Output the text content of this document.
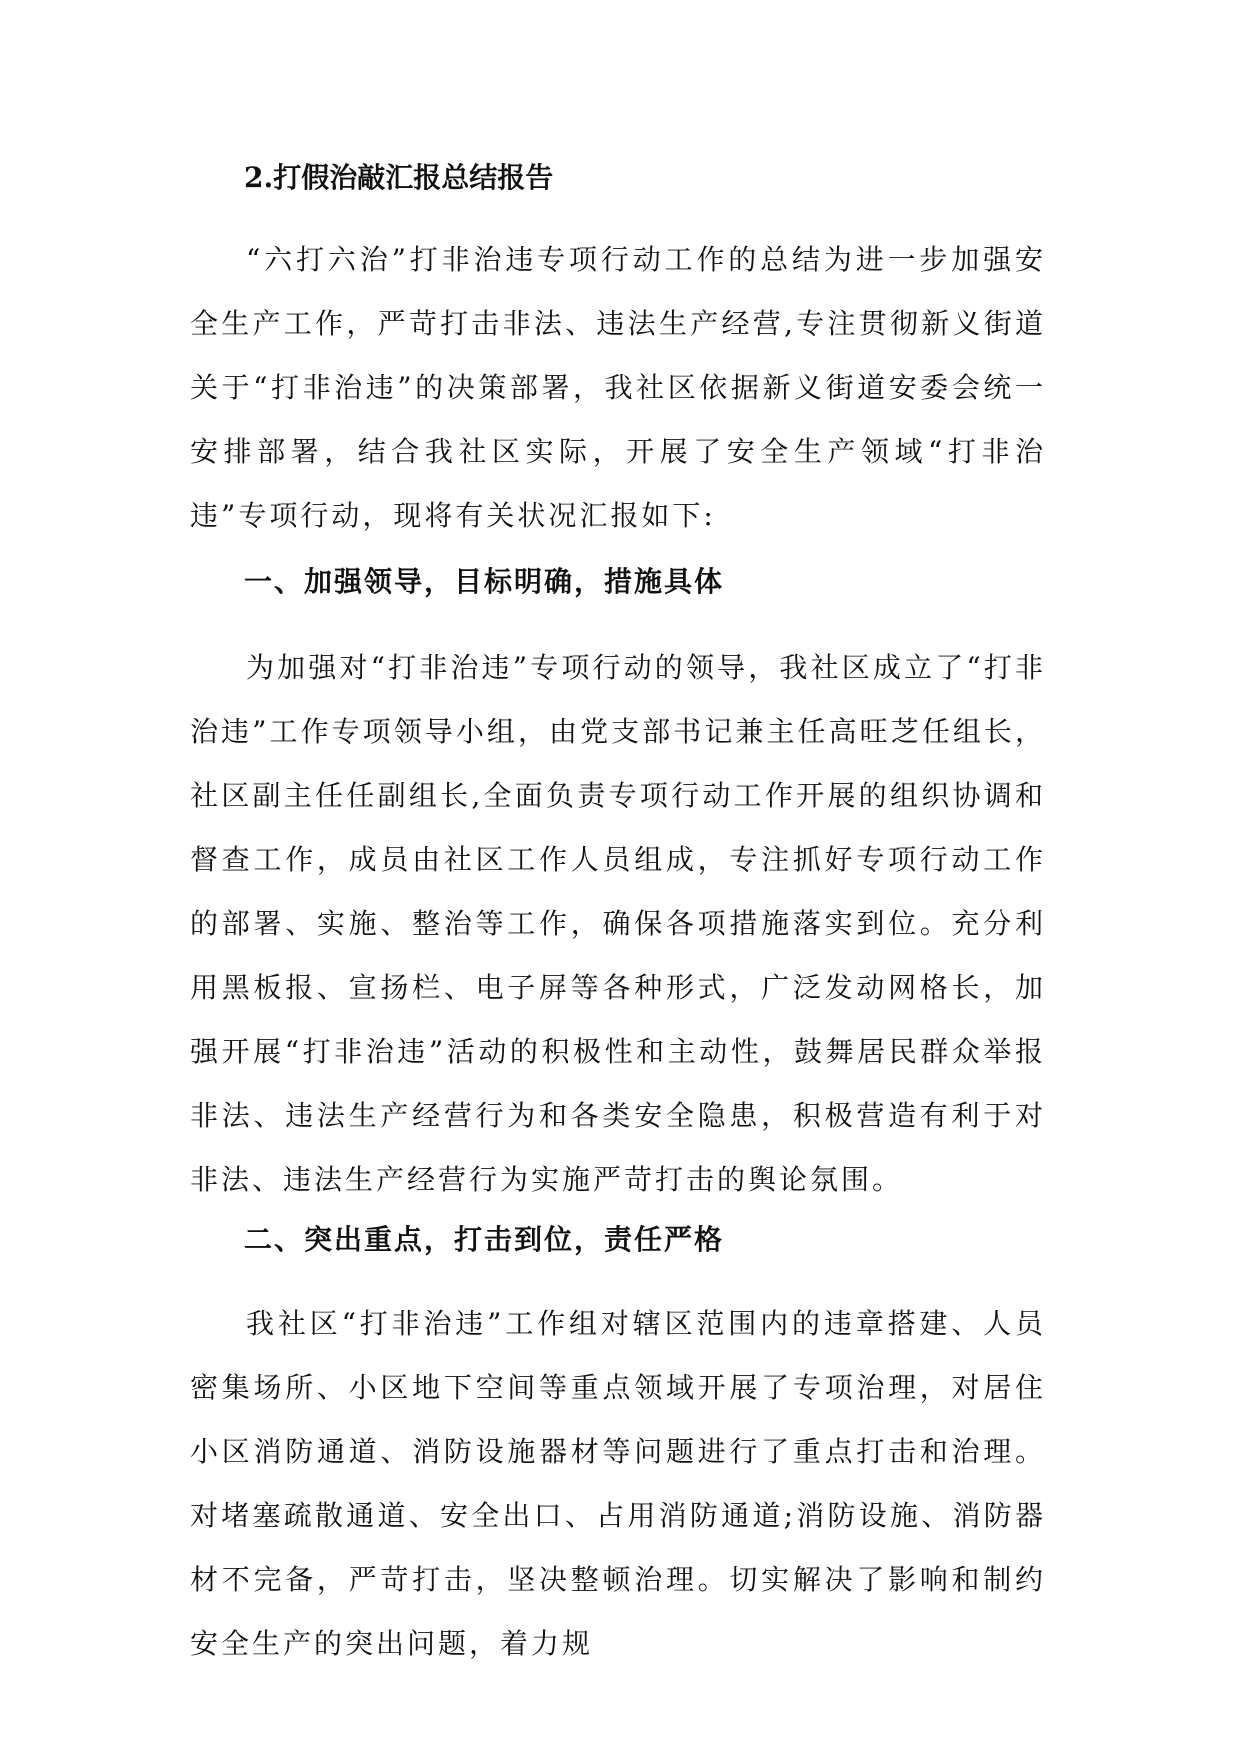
2.打假治敲汇报总结报告

“六打六治”打非治违专项行动工作的总结为进一步加强安全生产工作，严苛打击非法、违法生产经营,专注贯彻新义街道关于“打非治违”的决策部署，我社区依据新义街道安委会统一安排部署，结合我社区实际，开展了安全生产领域“打非治违”专项行动，现将有关状况汇报如下:

一、加强领导，目标明确，措施具体

为加强对“打非治违”专项行动的领导，我社区成立了“打非治违”工作专项领导小组，由党支部书记兼主任高旺芝任组长，社区副主任任副组长,全面负责专项行动工作开展的组织协调和督查工作，成员由社区工作人员组成，专注抓好专项行动工作的部署、实施、整治等工作，确保各项措施落实到位。充分利用黑板报、宣扬栏、电子屏等各种形式，广泛发动网格长，加强开展“打非治违”活动的积极性和主动性，鼓舞居民群众举报非法、违法生产经营行为和各类安全隐患，积极营造有利于对非法、违法生产经营行为实施严苛打击的舆论氛围。

二、突出重点，打击到位，责任严格

我社区“打非治违”工作组对辖区范围内的违章搭建、人员密集场所、小区地下空间等重点领域开展了专项治理，对居住小区消防通道、消防设施器材等问题进行了重点打击和治理。对堵塞疏散通道、安全出口、占用消防通道;消防设施、消防器材不完备，严苛打击，坚决整顿治理。切实解决了影响和制约安全生产的突出问题，着力规
